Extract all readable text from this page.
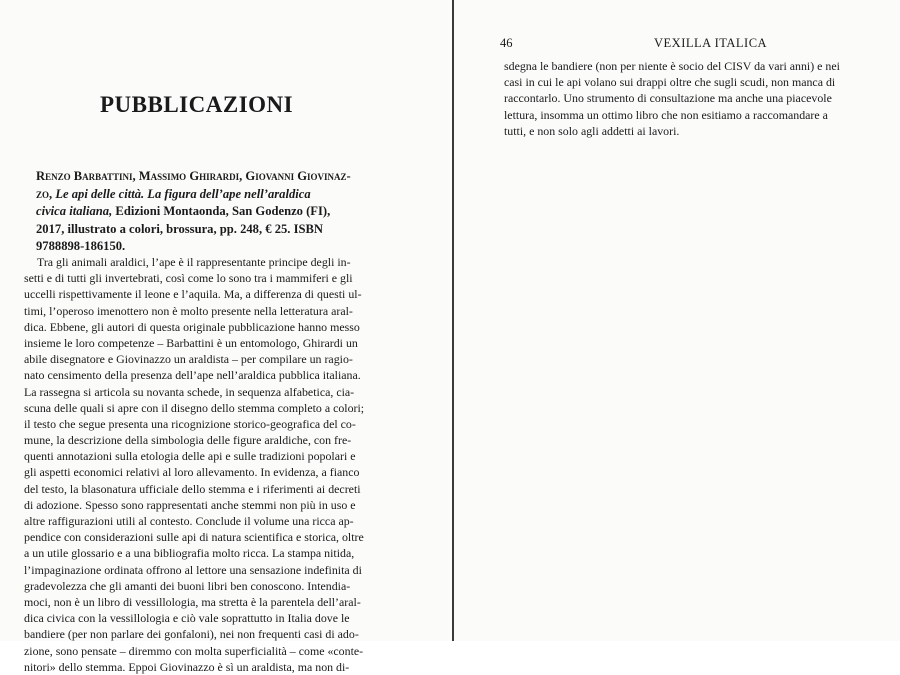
PUBBLICAZIONI

Renzo Barbattini, Massimo Ghirardi, Giovanni Giovinaz-
zo, Le api delle città. La figura dell’ape nell’araldica
civica italiana, Edizioni Montaonda, San Godenzo (FI),
2017, illustrato a colori, brossura, pp. 248, € 25. ISBN
9788898-186150.

Tra gli animali araldici, l’ape è il rappresentante principe degli in-
setti e di tutti gli invertebrati, così come lo sono tra i mammiferi e gli
uccelli rispettivamente il leone e l’aquila. Ma, a differenza di questi ul-
timi, l’operoso imenottero non è molto presente nella letteratura aral-
dica. Ebbene, gli autori di questa originale pubblicazione hanno messo
insieme le loro competenze – Barbattini è un entomologo, Ghirardi un
abile disegnatore e Giovinazzo un araldista – per compilare un ragio-
nato censimento della presenza dell’ape nell’araldica pubblica italiana.
La rassegna si articola su novanta schede, in sequenza alfabetica, cia-
scuna delle quali si apre con il disegno dello stemma completo a colori;
il testo che segue presenta una ricognizione storico-geografica del co-
mune, la descrizione della simbologia delle figure araldiche, con fre-
quenti annotazioni sulla etologia delle api e sulle tradizioni popolari e
gli aspetti economici relativi al loro allevamento. In evidenza, a fianco
del testo, la blasonatura ufficiale dello stemma e i riferimenti ai decreti
di adozione. Spesso sono rappresentati anche stemmi non più in uso e
altre raffigurazioni utili al contesto. Conclude il volume una ricca ap-
pendice con considerazioni sulle api di natura scientifica e storica, oltre
a un utile glossario e a una bibliografia molto ricca. La stampa nitida,
l’impaginazione ordinata offrono al lettore una sensazione indefinita di
gradevolezza che gli amanti dei buoni libri ben conoscono. Intendia-
moci, non è un libro di vessillologia, ma stretta è la parentela dell’aral-
dica civica con la vessillologia e ciò vale soprattutto in Italia dove le
bandiere (per non parlare dei gonfaloni), nei non frequenti casi di ado-
zione, sono pensate – diremmo con molta superficialità – come «conte-
nitori» dello stemma. Eppoi Giovinazzo è sì un araldista, ma non di-
46	VEXILLA ITALICA
sdegna le bandiere (non per niente è socio del CISV da vari anni) e nei
casi in cui le api volano sui drappi oltre che sugli scudi, non manca di
raccontarlo. Uno strumento di consultazione ma anche una piacevole
lettura, insomma un ottimo libro che non esitiamo a raccomandare a
tutti, e non solo agli addetti ai lavori.
